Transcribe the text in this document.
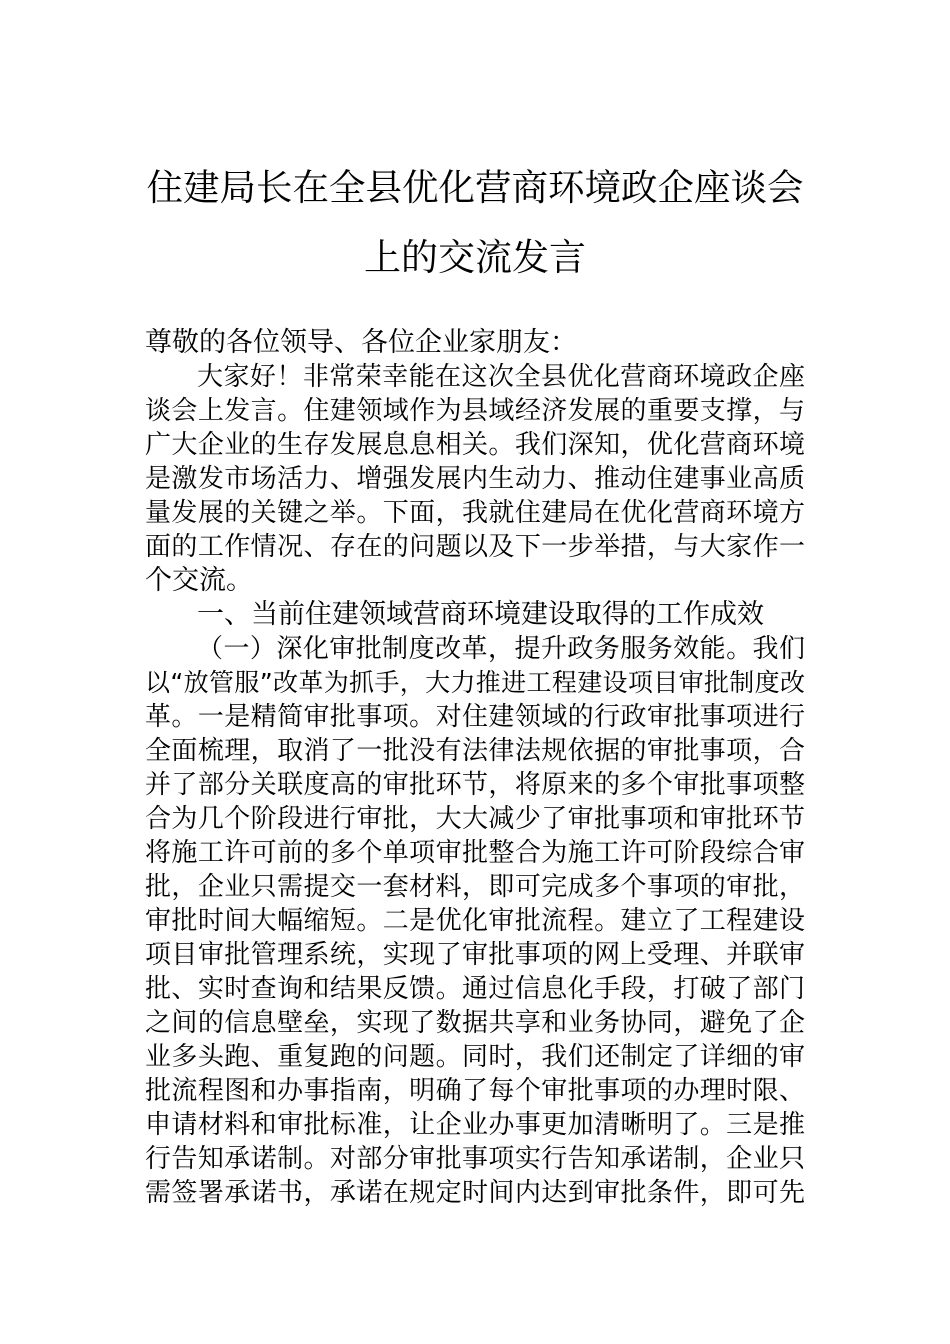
住建局长在全县优化营商环境政企座谈会
上的交流发言
尊敬的各位领导、各位企业家朋友：
大家好！非常荣幸能在这次全县优化营商环境政企座
谈会上发言。住建领域作为县域经济发展的重要支撑，与
广大企业的生存发展息息相关。我们深知，优化营商环境
是激发市场活力、增强发展内生动力、推动住建事业高质
量发展的关键之举。下面，我就住建局在优化营商环境方
面的工作情况、存在的问题以及下一步举措，与大家作一
个交流。
一、当前住建领域营商环境建设取得的工作成效
（一）深化审批制度改革，提升政务服务效能。我们
以“放管服”改革为抓手，大力推进工程建设项目审批制度改
革。一是精简审批事项。对住建领域的行政审批事项进行
全面梳理，取消了一批没有法律法规依据的审批事项，合
并了部分关联度高的审批环节，将原来的多个审批事项整
合为几个阶段进行审批，大大减少了审批事项和审批环节
将施工许可前的多个单项审批整合为施工许可阶段综合审
批，企业只需提交一套材料，即可完成多个事项的审批，
审批时间大幅缩短。二是优化审批流程。建立了工程建设
项目审批管理系统，实现了审批事项的网上受理、并联审
批、实时查询和结果反馈。通过信息化手段，打破了部门
之间的信息壁垒，实现了数据共享和业务协同，避免了企
业多头跑、重复跑的问题。同时，我们还制定了详细的审
批流程图和办事指南，明确了每个审批事项的办理时限、
申请材料和审批标准，让企业办事更加清晰明了。三是推
行告知承诺制。对部分审批事项实行告知承诺制，企业只
需签署承诺书，承诺在规定时间内达到审批条件，即可先
